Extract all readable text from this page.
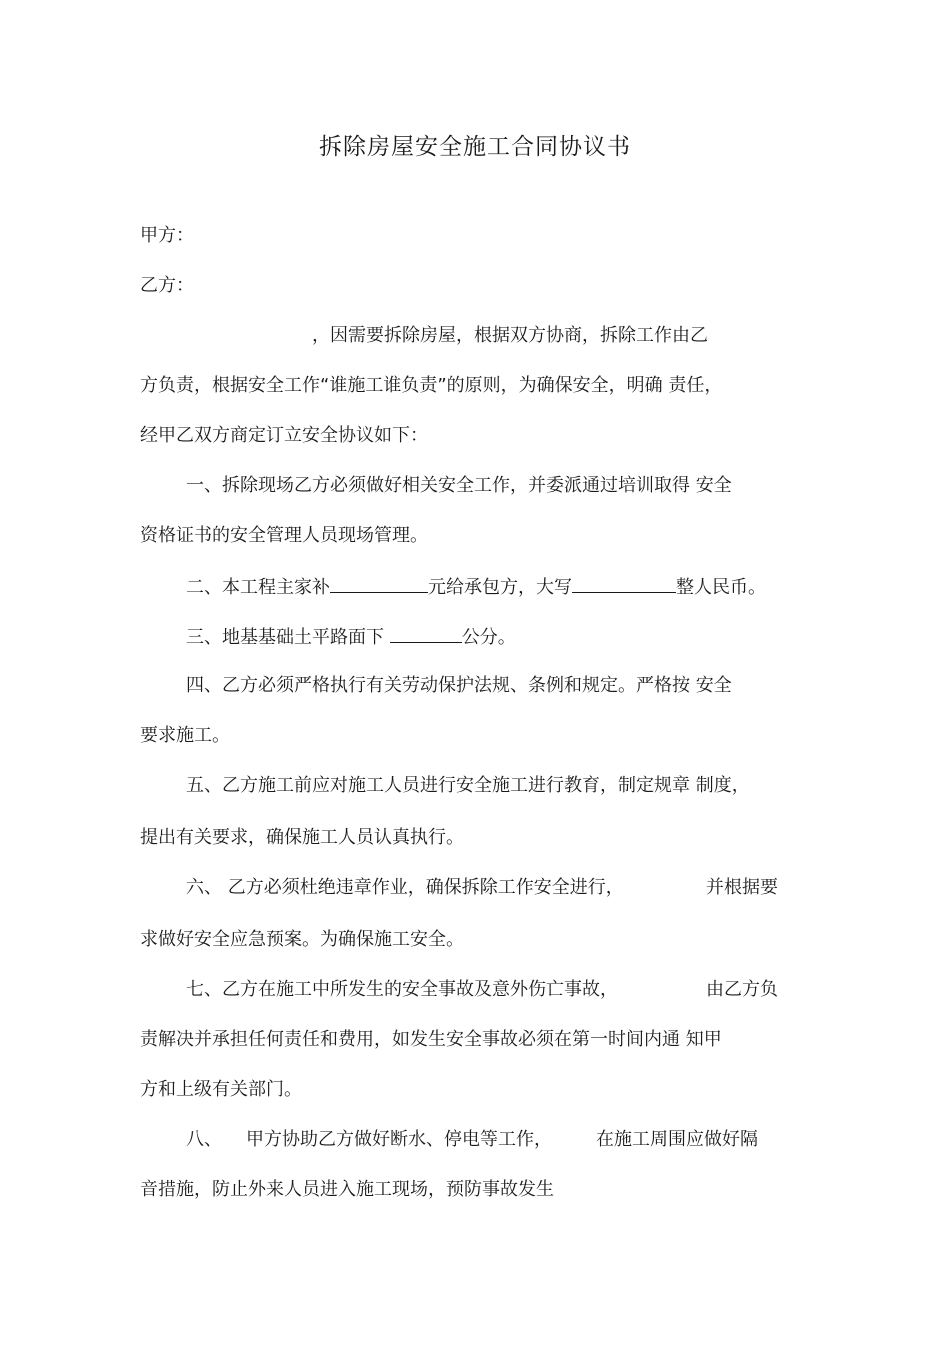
拆除房屋安全施工合同协议书
甲方：
乙方：
，因需要拆除房屋，根据双方协商，拆除工作由乙
方负责，根据安全工作“谁施工谁负责”的原则，为确保安全，明确 责任，
经甲乙双方商定订立安全协议如下：
一、拆除现场乙方必须做好相关安全工作，并委派通过培训取得 安全
资格证书的安全管理人员现场管理。
二、本工程主家补	元给承包方，大写	整人民币。
三、地基基础土平路面下	公分。
四、乙方必须严格执行有关劳动保护法规、条例和规定。严格按 安全
要求施工。
五、乙方施工前应对施工人员进行安全施工进行教育，制定规章 制度，
提出有关要求，确保施工人员认真执行。
六、 乙方必须杜绝违章作业，确保拆除工作安全进行，	并根据要
求做好安全应急预案。为确保施工安全。
七、乙方在施工中所发生的安全事故及意外伤亡事故，	由乙方负
责解决并承担任何责任和费用，如发生安全事故必须在第一时间内通 知甲
方和上级有关部门。
八、 甲方协助乙方做好断水、停电等工作， 在施工周围应做好隔
音措施，防止外来人员进入施工现场，预防事故发生
